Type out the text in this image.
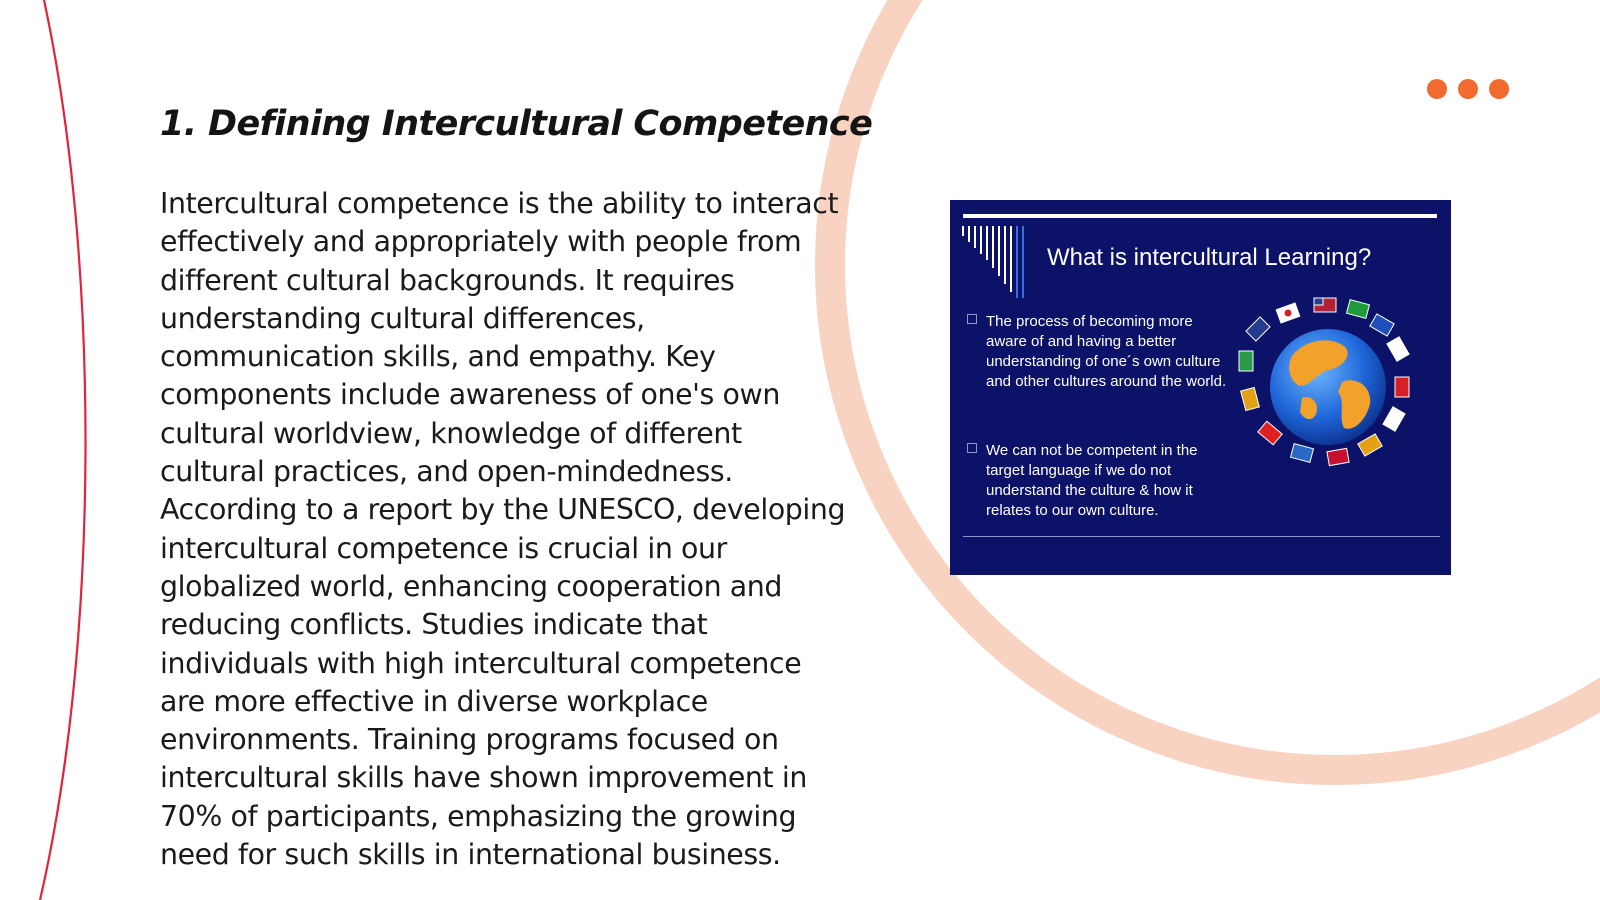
1. Defining Intercultural Competence

Intercultural competence is the ability to interact effectively and appropriately with people from different cultural backgrounds. It requires understanding cultural differences, communication skills, and empathy. Key components include awareness of one's own cultural worldview, knowledge of different cultural practices, and open-mindedness. According to a report by the UNESCO, developing intercultural competence is crucial in our globalized world, enhancing cooperation and reducing conflicts. Studies indicate that individuals with high intercultural competence are more effective in diverse workplace environments. Training programs focused on intercultural skills have shown improvement in 70% of participants, emphasizing the growing need for such skills in international business.

What is intercultural Learning?
The process of becoming more aware of and having a better understanding of one´s own culture and other cultures around the world.
We can not be competent in the target language if we do not understand the culture & how it relates to our own culture.
